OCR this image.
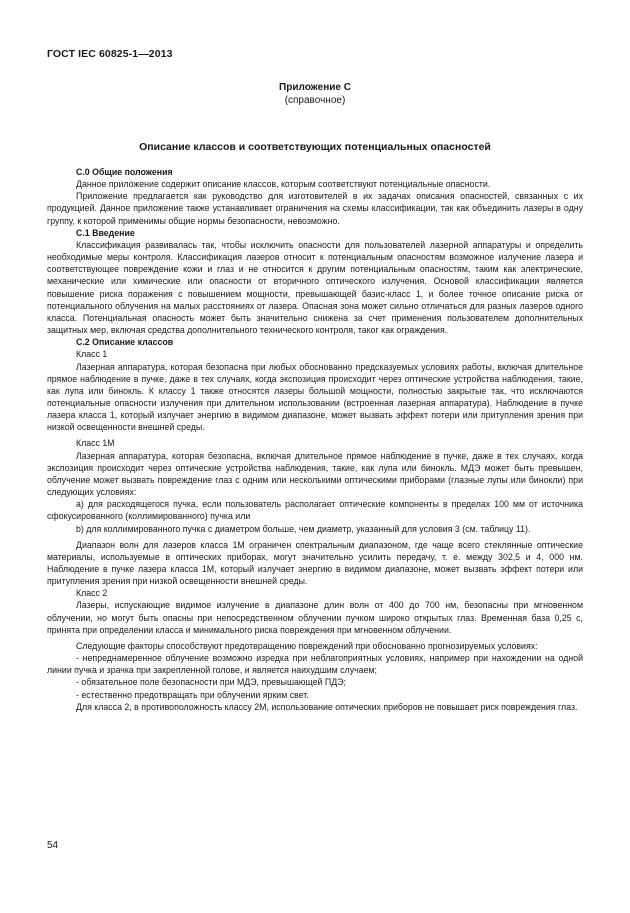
ГОСТ IEC 60825-1—2013
Приложение С
(справочное)
Описание классов и соответствующих потенциальных опасностей

С.0 Общие положения

Данное приложение содержит описание классов, которым соответствуют потенциальные опасности.

Приложение предлагается как руководство для изготовителей в их задачах описания опасностей, связанных с их продукцией. Данное приложение также устанавливает ограничения на схемы классификации, так как объединить лазеры в одну группу, к которой применимы общие нормы безопасности, невозможно.

С.1 Введение

Классификация развивалась так, чтобы исключить опасности для пользователей лазерной аппаратуры и определить необходимые меры контроля. Классификация лазеров относит к потенциальным опасностям возможное излучение лазера и соответствующее повреждение кожи и глаз и не относится к другим потенциальным опасностям, таким как электрические, механические или химические или опасности от вторичного оптического излучения. Основой классификации является повышение риска поражения с повышением мощности, превышающей базис-класс 1, и более точное описание риска от потенциального облучения на малых расстояниях от лазера. Опасная зона может сильно отличаться для разных лазеров одного класса. Потенциальная опасность может быть значительно снижена за счет применения пользователем дополнительных защитных мер, включая средства дополнительного технического контроля, таког как ограждения.

С.2 Описание классов

Класс 1

Лазерная аппаратура, которая безопасна при любых обоснованно предсказуемых условиях работы, включая длительное прямое наблюдение в пучке, даже в тех случаях, когда экспозиция происходит через оптические устройства наблюдения, такие, как лупа или бинокль. К классу 1 также относятся лазеры большой мощности, полностью закрытые так, что исключаются потенциальные опасности излучения при длительном использовании (встроенная лазерная аппаратура). Наблюдение в пучке лазера класса 1, который излучает энергию в видимом диапазоне, может вызвать эффект потери или притупления зрения при низкой освещенности внешней среды.

Класс 1М

Лазерная аппаратура, которая безопасна, включая длительное прямое наблюдение в пучке, даже в тех случаях, когда экспозиция происходит через оптические устройства наблюдения, такие, как лупа или бинокль. МДЭ может быть превышен, облучение может вызвать повреждение глаз с одним или несколькими оптическими приборами (глазные лупы или бинокли) при следующих условиях:

а) для расходящегося пучка, если пользователь располагает оптические компоненты в пределах 100 мм от источника сфокусированного (коллимированного) пучка или

b) для коллимированного пучка с диаметром больше, чем диаметр, указанный для условия 3 (см. таблицу 11).

Диапазон волн для лазеров класса 1М ограничен спектральным диапазоном, где чаще всего стеклянные оптические материалы, используемые в оптических приборах, могут значительно усилить передачу, т. е. между 302,5 и 4, 000 нм. Наблюдение в пучке лазера класса 1М, который излучает энергию в видимом диапазоне, может вызвать эффект потери или притупления зрения при низкой освещенности внешней среды.

Класс 2

Лазеры, испускающие видимое излучение в диапазоне длин волн от 400 до 700 нм, безопасны при мгновенном облучении, но могут быть опасны при непосредственном облучении пучком широко открытых глаз. Временная база 0,25 с, принята при определении класса и минимального риска повреждения при мгновенном облучении.

Следующие факторы способствуют предотвращению повреждений при обоснованно прогнозируемых условиях:

- непреднамеренное облучение возможно изредка при неблагоприятных условиях, например при нахождении на одной линии пучка и зрачка при закрепленной голове, и является наихудшим случаем;

- обязательное поле безопасности при МДЭ, превышающей ПДЭ;

- естественно предотвращать при облучении ярким свет.

Для класса 2, в противоположность классу 2М, использование оптических приборов не повышает риск повреждения глаз.

54
